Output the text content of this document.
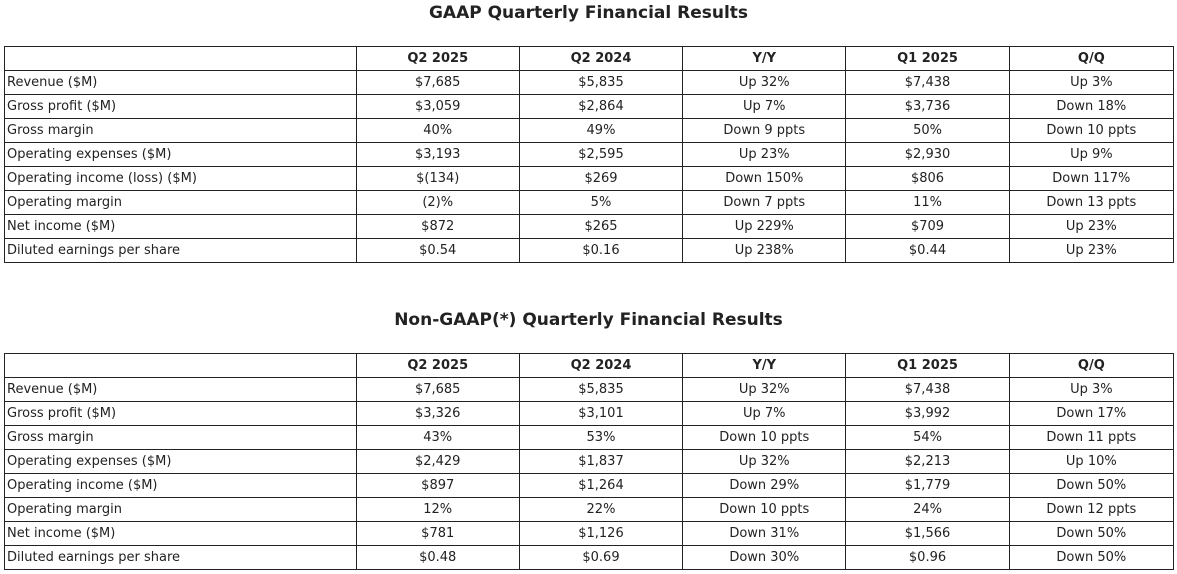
GAAP Quarterly Financial Results
	Q2 2025	Q2 2024	Y/Y	Q1 2025	Q/Q
Revenue ($M)	$7,685	$5,835	Up 32%	$7,438	Up 3%
Gross profit ($M)	$3,059	$2,864	Up 7%	$3,736	Down 18%
Gross margin	40%	49%	Down 9 ppts	50%	Down 10 ppts
Operating expenses ($M)	$3,193	$2,595	Up 23%	$2,930	Up 9%
Operating income (loss) ($M)	$(134)	$269	Down 150%	$806	Down 117%
Operating margin	(2)%	5%	Down 7 ppts	11%	Down 13 ppts
Net income ($M)	$872	$265	Up 229%	$709	Up 23%
Diluted earnings per share	$0.54	$0.16	Up 238%	$0.44	Up 23%
Non-GAAP(*) Quarterly Financial Results
	Q2 2025	Q2 2024	Y/Y	Q1 2025	Q/Q
Revenue ($M)	$7,685	$5,835	Up 32%	$7,438	Up 3%
Gross profit ($M)	$3,326	$3,101	Up 7%	$3,992	Down 17%
Gross margin	43%	53%	Down 10 ppts	54%	Down 11 ppts
Operating expenses ($M)	$2,429	$1,837	Up 32%	$2,213	Up 10%
Operating income ($M)	$897	$1,264	Down 29%	$1,779	Down 50%
Operating margin	12%	22%	Down 10 ppts	24%	Down 12 ppts
Net income ($M)	$781	$1,126	Down 31%	$1,566	Down 50%
Diluted earnings per share	$0.48	$0.69	Down 30%	$0.96	Down 50%
